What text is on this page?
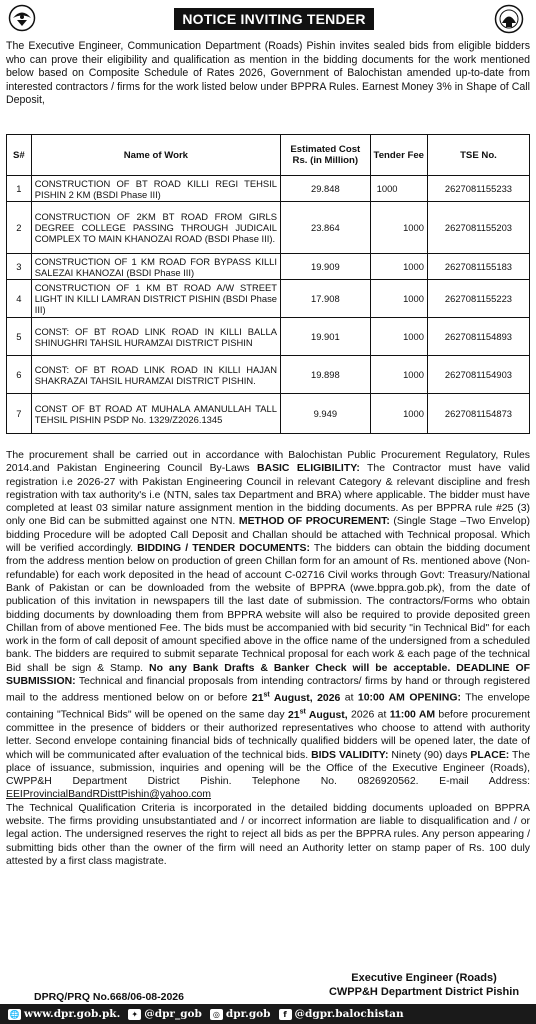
NOTICE INVITING TENDER
The Executive Engineer, Communication Department (Roads) Pishin invites sealed bids from eligible bidders who can prove their eligibility and qualification as mention in the bidding documents for the work mentioned below based on Composite Schedule of Rates 2026, Government of Balochistan amended up-to-date from interested contractors / firms for the work listed below under BPPRA Rules. Earnest Money 3% in Shape of Call Deposit,
S#	Name of Work	Estimated Cost Rs. (in Million)	Tender Fee	TSE No.
1	CONSTRUCTION OF BT ROAD KILLI REGI TEHSIL PISHIN 2 KM (BSDI Phase III)	29.848	1000	2627081155233
2	CONSTRUCTION OF 2KM BT ROAD FROM GIRLS DEGREE COLLEGE PASSING THROUGH JUDICAIL COMPLEX TO MAIN KHANOZAI ROAD (BSDI Phase III).	23.864	1000	2627081155203
3	CONSTRUCTION OF 1 KM ROAD FOR BYPASS KILLI SALEZAI KHANOZAI (BSDI Phase III)	19.909	1000	2627081155183
4	CONSTRUCTION OF 1 KM BT ROAD A/W STREET LIGHT IN KILLI LAMRAN DISTRICT PISHIN (BSDI Phase III)	17.908	1000	2627081155223
5	CONST: OF BT ROAD LINK ROAD IN KILLI BALLA SHINUGHRI TAHSIL HURAMZAI DISTRICT PISHIN	19.901	1000	2627081154893
6	CONST: OF BT ROAD LINK ROAD IN KILLI HAJAN SHAKRAZAI TAHSIL HURAMZAI DISTRICT PISHIN.	19.898	1000	2627081154903
7	CONST OF BT ROAD AT MUHALA AMANULLAH TALL TEHSIL PISHIN PSDP No. 1329/Z2026.1345	9.949	1000	2627081154873

The procurement shall be carried out in accordance with Balochistan Public Procurement Regulatory, Rules 2014.and Pakistan Engineering Council By-Laws BASIC ELIGIBILITY: The Contractor must have valid registration i.e 2026-27 with Pakistan Engineering Council in relevant Category & relevant discipline and fresh registration with tax authority's i.e (NTN, sales tax Department and BRA) where applicable. The bidder must have completed at least 03 similar nature assignment mention in the bidding documents. As per BPPRA rule #25 (3) only one Bid can be submitted against one NTN. METHOD OF PROCUREMENT: (Single Stage –Two Envelop) bidding Procedure will be adopted Call Deposit and Challan should be attached with Technical proposal. Which will be verified accordingly. BIDDING / TENDER DOCUMENTS: The bidders can obtain the bidding document from the address mention below on production of green Chillan form for an amount of Rs. mentioned above (Non- refundable) for each work deposited in the head of account C-02716 Civil works through Govt: Treasury/National Bank of Pakistan or can be downloaded from the website of BPPRA (wwe.bppra.gob.pk), from the date of publication of this invitation in newspapers till the last date of submission. The contractors/Forms who obtain bidding documents by downloading them from BPPRA website will also be required to provide deposited green Chillan from of above mentioned Fee. The bids must be accompanied with bid security "in Technical Bid" for each work in the form of call deposit of amount specified above in the office name of the undersigned from a scheduled bank. The bidders are required to submit separate Technical proposal for each work & each page of the technical Bid shall be sign & Stamp. No any Bank Drafts & Banker Check will be acceptable. DEADLINE OF SUBMISSION: Technical and financial proposals from intending contractors/ firms by hand or through registered mail to the address mentioned below on or before 21st August, 2026 at 10:00 AM OPENING: The envelope containing "Technical Bids" will be opened on the same day 21st August, 2026 at 11:00 AM before procurement committee in the presence of bidders or their authorized representatives who choose to attend with authority letter. Second envelope containing financial bids of technically qualified bidders will be opened later, the date of which will be communicated after evaluation of the technical bids. BIDS VALIDITY: Ninety (90) days PLACE: The place of issuance, submission, inquiries and opening will be the Office of the Executive Engineer (Roads), CWPP&H Department District Pishin. Telephone No. 0826920562. E-mail Address: EEIProvincialBandRDisttPishin@yahoo.com

The Technical Qualification Criteria is incorporated in the detailed bidding documents uploaded on BPPRA website. The firms providing unsubstantiated and / or incorrect information are liable to disqualification and / or legal action. The undersigned reserves the right to reject all bids as per the BPPRA rules. Any person appearing / submitting bids other than the owner of the firm will need an Authority letter on stamp paper of Rs. 100 duly attested by a first class magistrate.

Executive Engineer (Roads)
CWPP&H Department District Pishin
DPRQ/PRQ No.668/06-08-2026
🌐 www.dpr.gob.pk.	✦ @dpr_gob	◎ dpr.gob	f @dgpr.balochistan
